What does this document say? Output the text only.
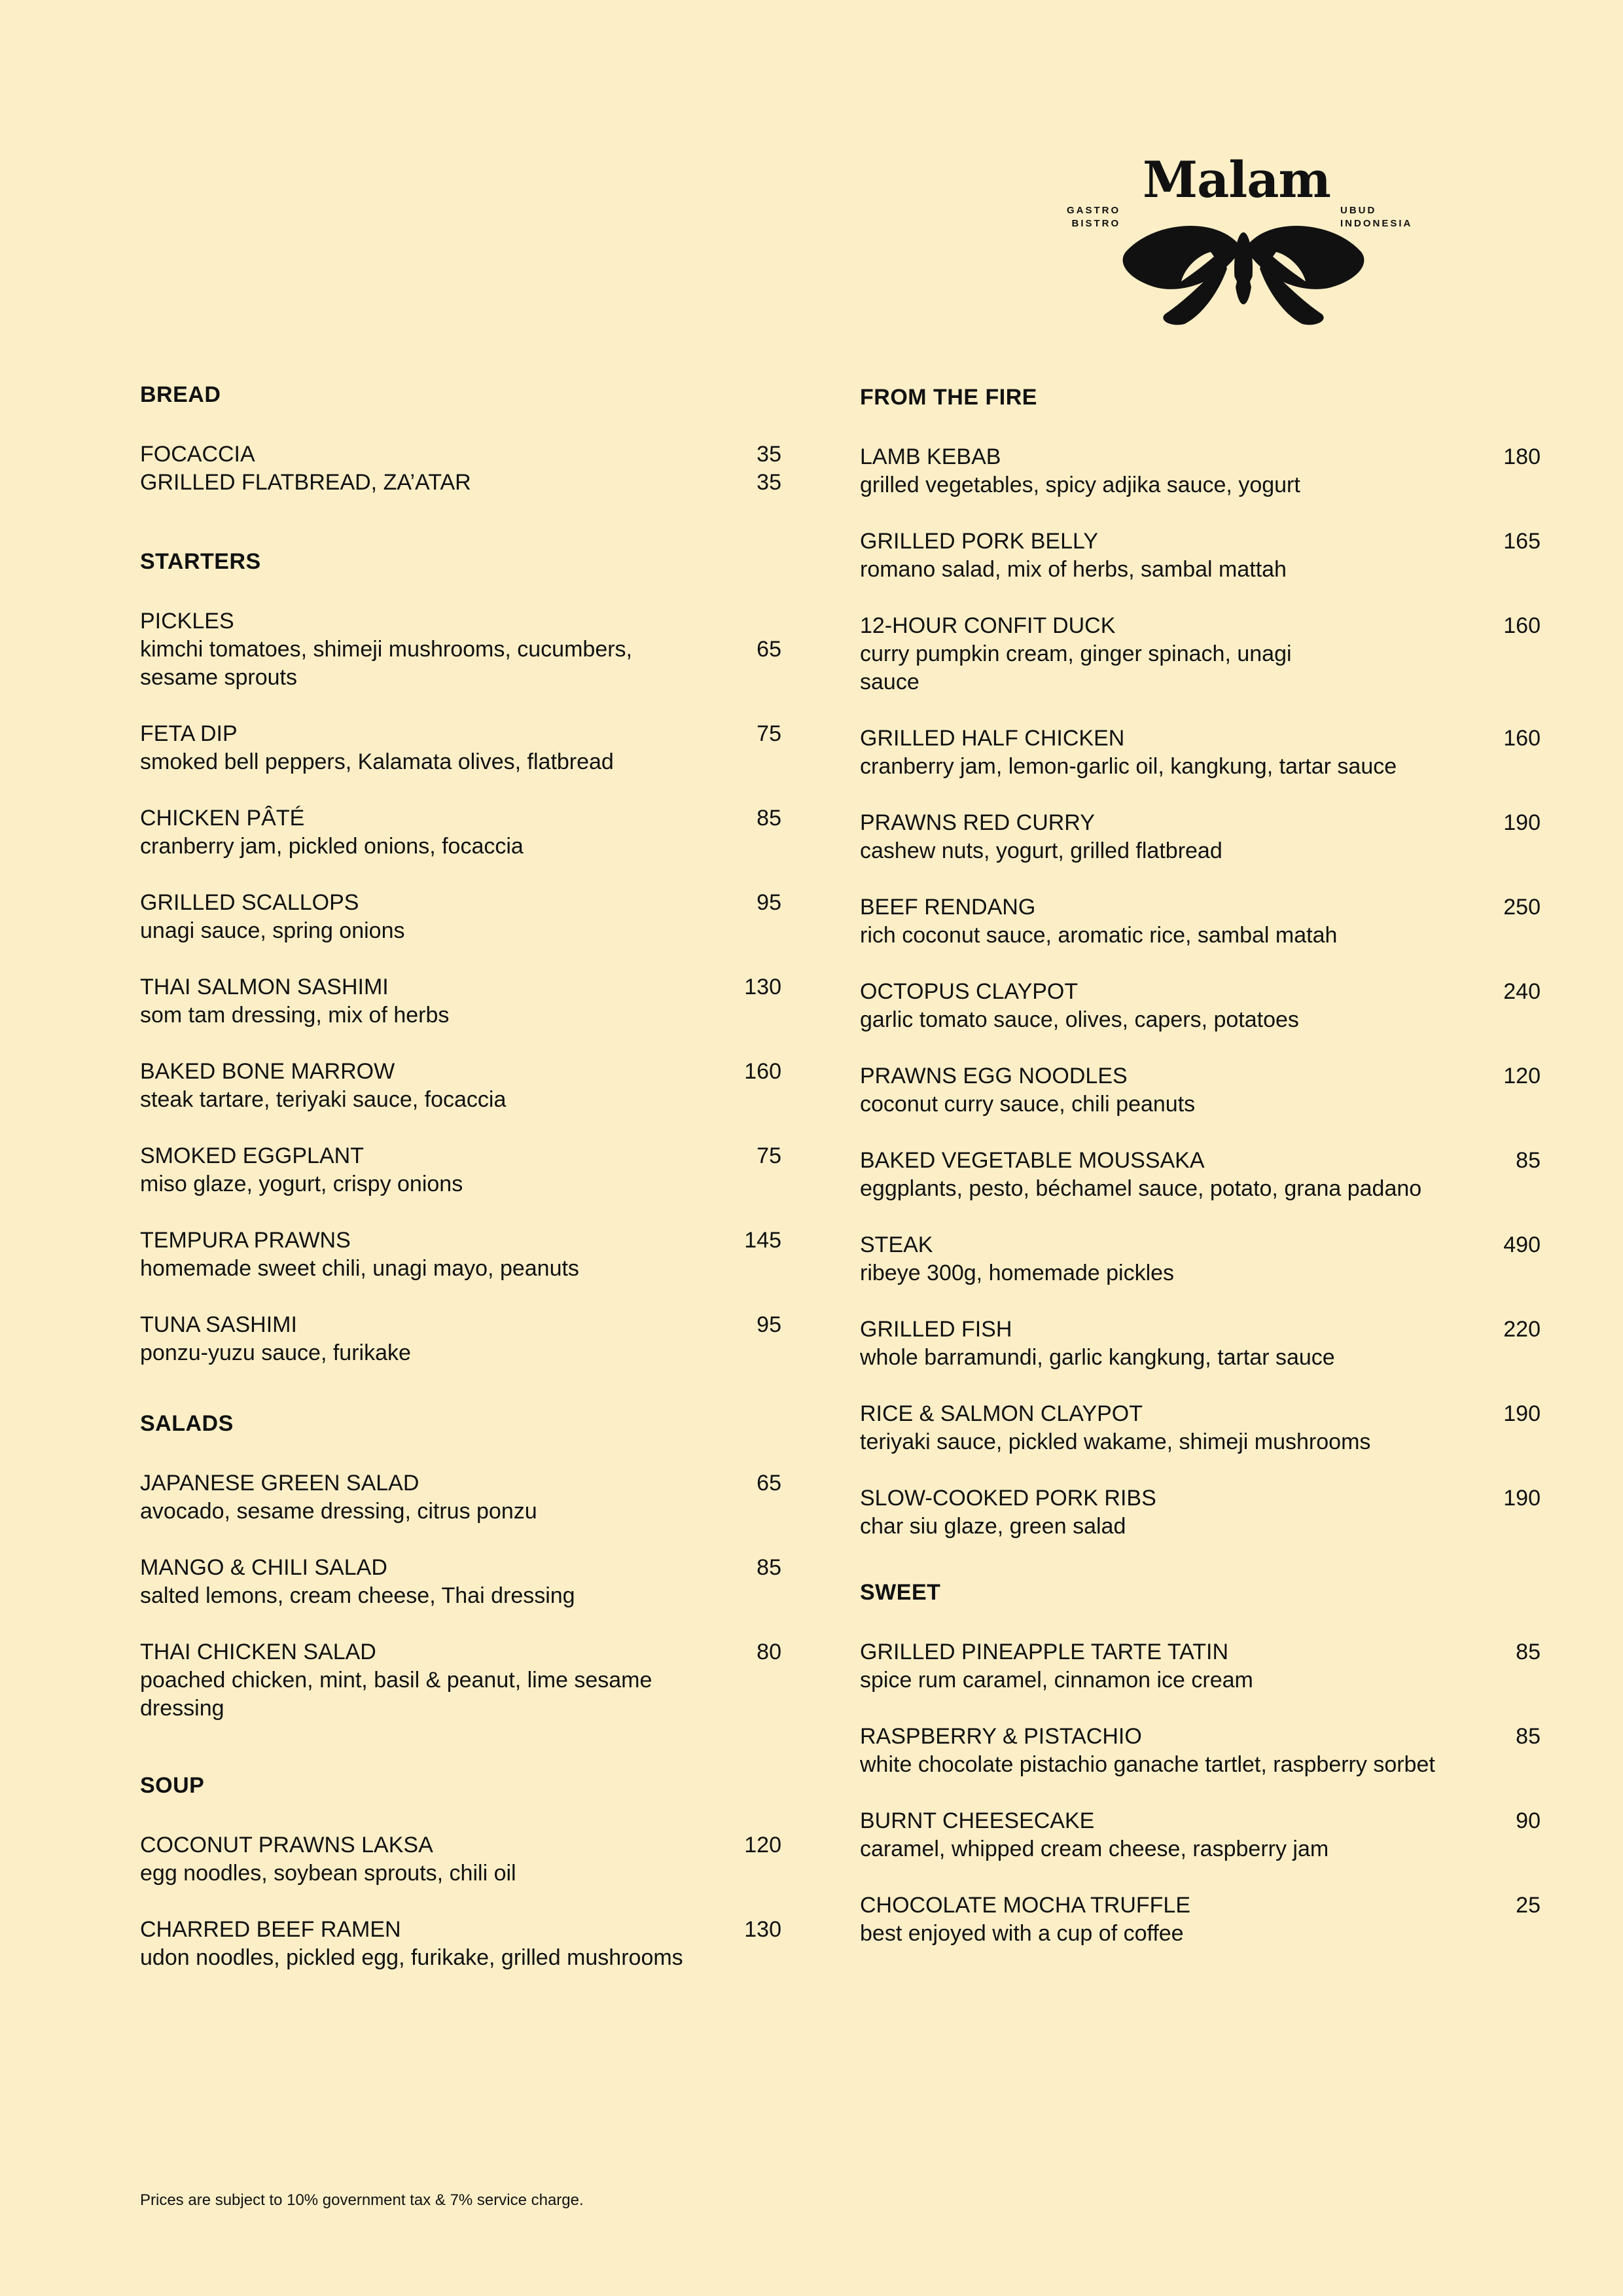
GASTRO
BISTRO
Malam
UBUD
INDONESIA
BREAD
FOCACCIA	35
GRILLED FLATBREAD, ZA’ATAR	35
STARTERS
PICKLES
kimchi tomatoes, shimeji mushrooms, cucumbers, sesame sprouts
65
FETA DIP
smoked bell peppers, Kalamata olives, flatbread
75
CHICKEN PÂTÉ
cranberry jam, pickled onions, focaccia
85
GRILLED SCALLOPS
unagi sauce, spring onions
95
THAI SALMON SASHIMI
som tam dressing, mix of herbs
130
BAKED BONE MARROW
steak tartare, teriyaki sauce, focaccia
160
SMOKED EGGPLANT
miso glaze, yogurt, crispy onions
75
TEMPURA PRAWNS
homemade sweet chili, unagi mayo, peanuts
145
TUNA SASHIMI
ponzu-yuzu sauce, furikake
95
SALADS
JAPANESE GREEN SALAD
avocado, sesame dressing, citrus ponzu
65
MANGO & CHILI SALAD
salted lemons, cream cheese, Thai dressing
85
THAI CHICKEN SALAD
poached chicken, mint, basil & peanut, lime sesame dressing
80
SOUP
COCONUT PRAWNS LAKSA
egg noodles, soybean sprouts, chili oil
120
CHARRED BEEF RAMEN
udon noodles, pickled egg, furikake, grilled mushrooms
130
FROM THE FIRE
LAMB KEBAB
grilled vegetables, spicy adjika sauce, yogurt
180
GRILLED PORK BELLY
romano salad, mix of herbs, sambal mattah
165
12-HOUR CONFIT DUCK
curry pumpkin cream, ginger spinach, unagi sauce
160
GRILLED HALF CHICKEN
cranberry jam, lemon-garlic oil, kangkung, tartar sauce
160
PRAWNS RED CURRY
cashew nuts, yogurt, grilled flatbread
190
BEEF RENDANG
rich coconut sauce, aromatic rice, sambal matah
250
OCTOPUS CLAYPOT
garlic tomato sauce, olives, capers, potatoes
240
PRAWNS EGG NOODLES
coconut curry sauce, chili peanuts
120
BAKED VEGETABLE MOUSSAKA
eggplants, pesto, béchamel sauce, potato, grana padano
85
STEAK
ribeye 300g, homemade pickles
490
GRILLED FISH
whole barramundi, garlic kangkung, tartar sauce
220
RICE & SALMON CLAYPOT
teriyaki sauce, pickled wakame, shimeji mushrooms
190
SLOW-COOKED PORK RIBS
char siu glaze, green salad
190
SWEET
GRILLED PINEAPPLE TARTE TATIN
spice rum caramel, cinnamon ice cream
85
RASPBERRY & PISTACHIO
white chocolate pistachio ganache tartlet, raspberry sorbet
85
BURNT CHEESECAKE
caramel, whipped cream cheese, raspberry jam
90
CHOCOLATE MOCHA TRUFFLE
best enjoyed with a cup of coffee
25
Prices are subject to 10% government tax & 7% service charge.
